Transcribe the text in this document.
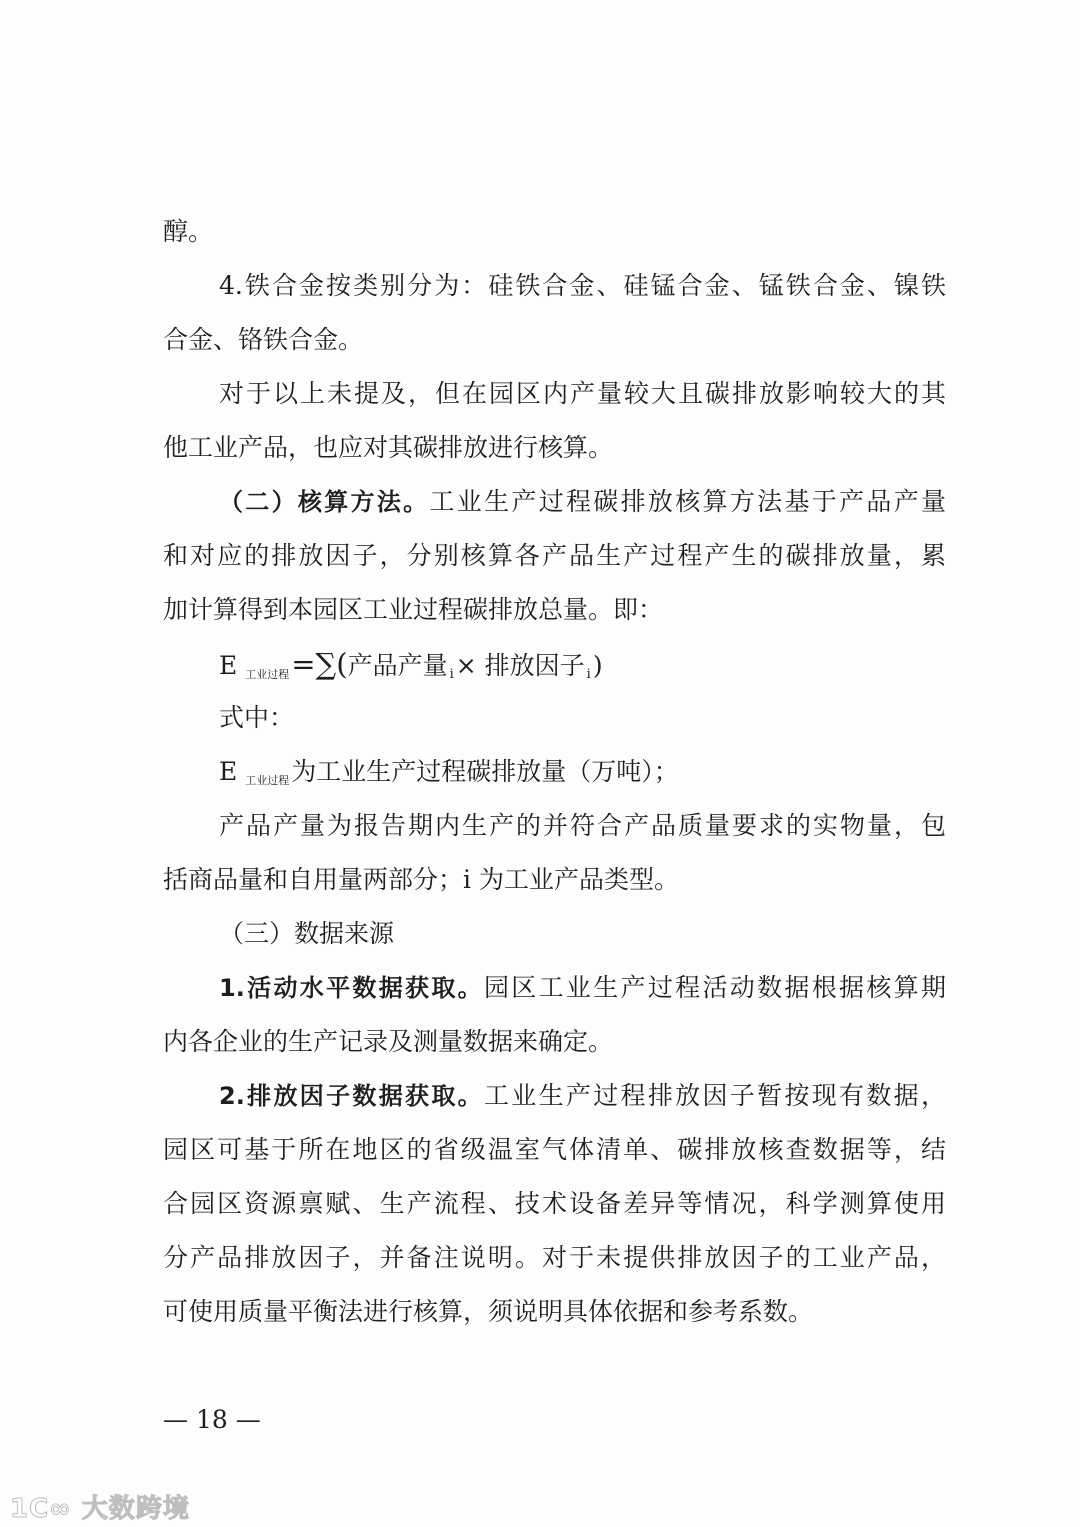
醇。
4.铁合金按类别分为：硅铁合金、硅锰合金、锰铁合金、镍铁
合金、铬铁合金。
对于以上未提及，但在园区内产量较大且碳排放影响较大的其
他工业产品，也应对其碳排放进行核算。
（二）核算方法。工业生产过程碳排放核算方法基于产品产量
和对应的排放因子，分别核算各产品生产过程产生的碳排放量，累
加计算得到本园区工业过程碳排放总量。即：
E $_{工业过程}$=∑(产品产量 i× 排放因子 i)
式中：
E $_{工业过程}$为工业生产过程碳排放量（万吨）；
产品产量为报告期内生产的并符合产品质量要求的实物量，包
括商品量和自用量两部分；i 为工业产品类型。
（三）数据来源
1.活动水平数据获取。园区工业生产过程活动数据根据核算期
内各企业的生产记录及测量数据来确定。
2.排放因子数据获取。工业生产过程排放因子暂按现有数据，
园区可基于所在地区的省级温室气体清单、碳排放核查数据等，结
合园区资源禀赋、生产流程、技术设备差异等情况，科学测算使用
分产品排放因子，并备注说明。对于未提供排放因子的工业产品，
可使用质量平衡法进行核算，须说明具体依据和参考系数。
— 18 —
1C∞ 大数跨境
